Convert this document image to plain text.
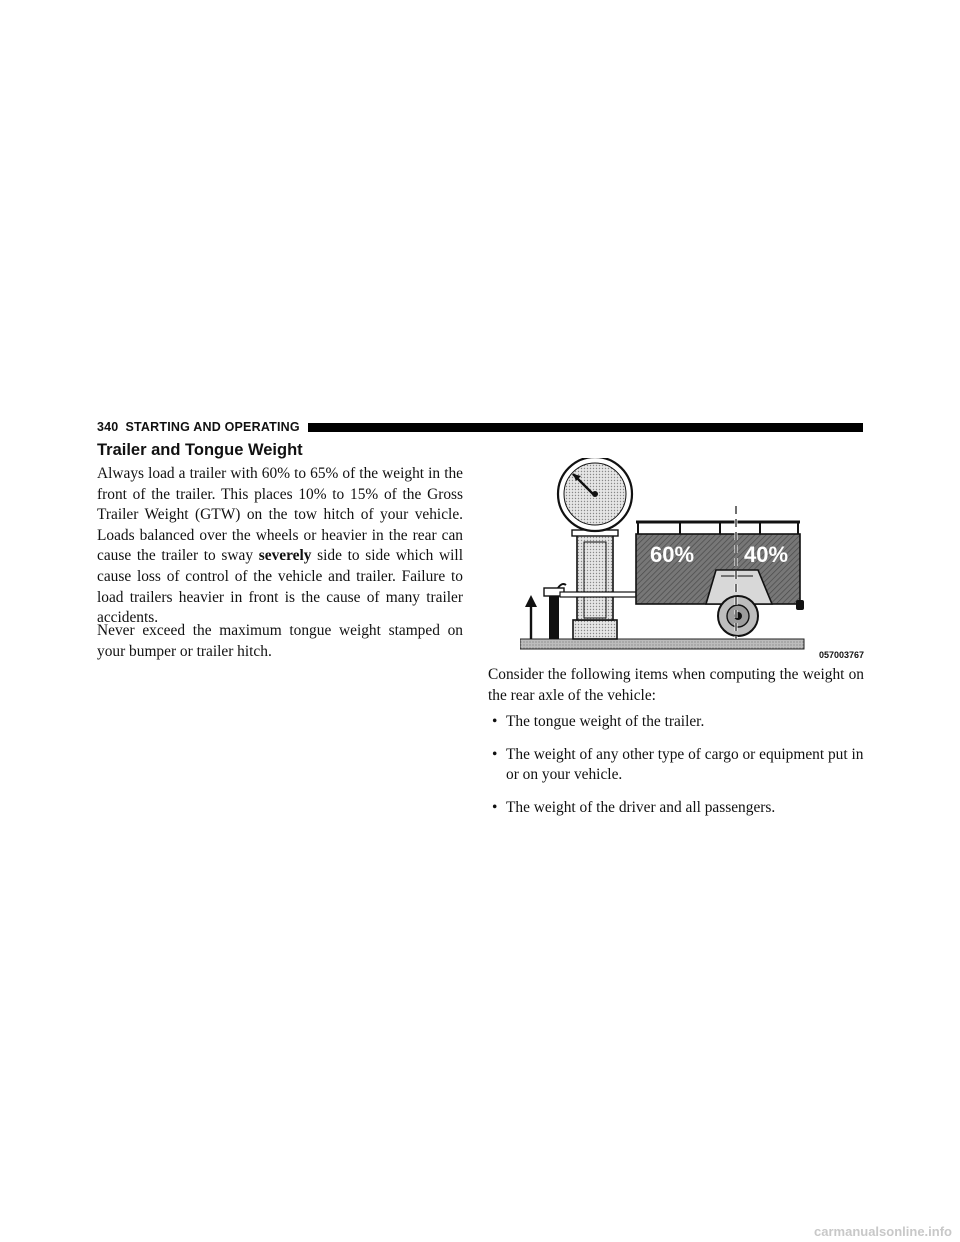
340 STARTING AND OPERATING
Trailer and Tongue Weight

Always load a trailer with 60% to 65% of the weight in the front of the trailer. This places 10% to 15% of the Gross Trailer Weight (GTW) on the tow hitch of your vehicle. Loads balanced over the wheels or heavier in the rear can cause the trailer to sway severely side to side which will cause loss of control of the vehicle and trailer. Failure to load trailers heavier in front is the cause of many trailer accidents.

Never exceed the maximum tongue weight stamped on your bumper or trailer hitch.

60% 40%
057003767

Consider the following items when computing the weight on the rear axle of the vehicle:

• The tongue weight of the trailer.
• The weight of any other type of cargo or equipment put in or on your vehicle.
• The weight of the driver and all passengers.
carmanualsonline.info
